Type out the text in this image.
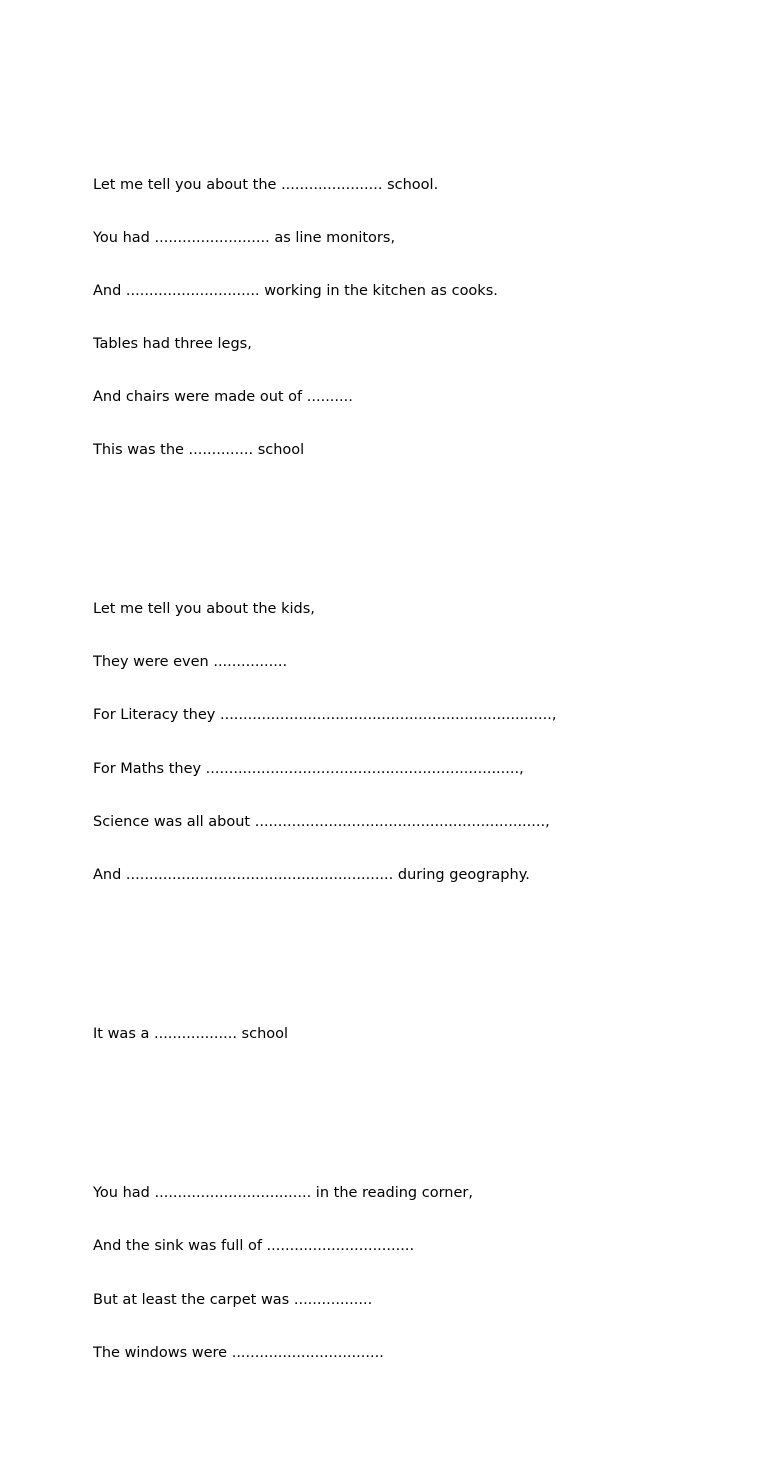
Let me tell you about the ...................... school.

You had ......................... as line monitors,

And ............................. working in the kitchen as cooks.

Tables had three legs,

And chairs were made out of ..........

This was the .............. school

Let me tell you about the kids,

They were even ................

For Literacy they ........................................................................,

For Maths they ....................................................................,

Science was all about ...............................................................,

And .......................................................... during geography.

It was a .................. school

You had .................................. in the reading corner,

And the sink was full of ................................

But at least the carpet was .................

The windows were .................................
